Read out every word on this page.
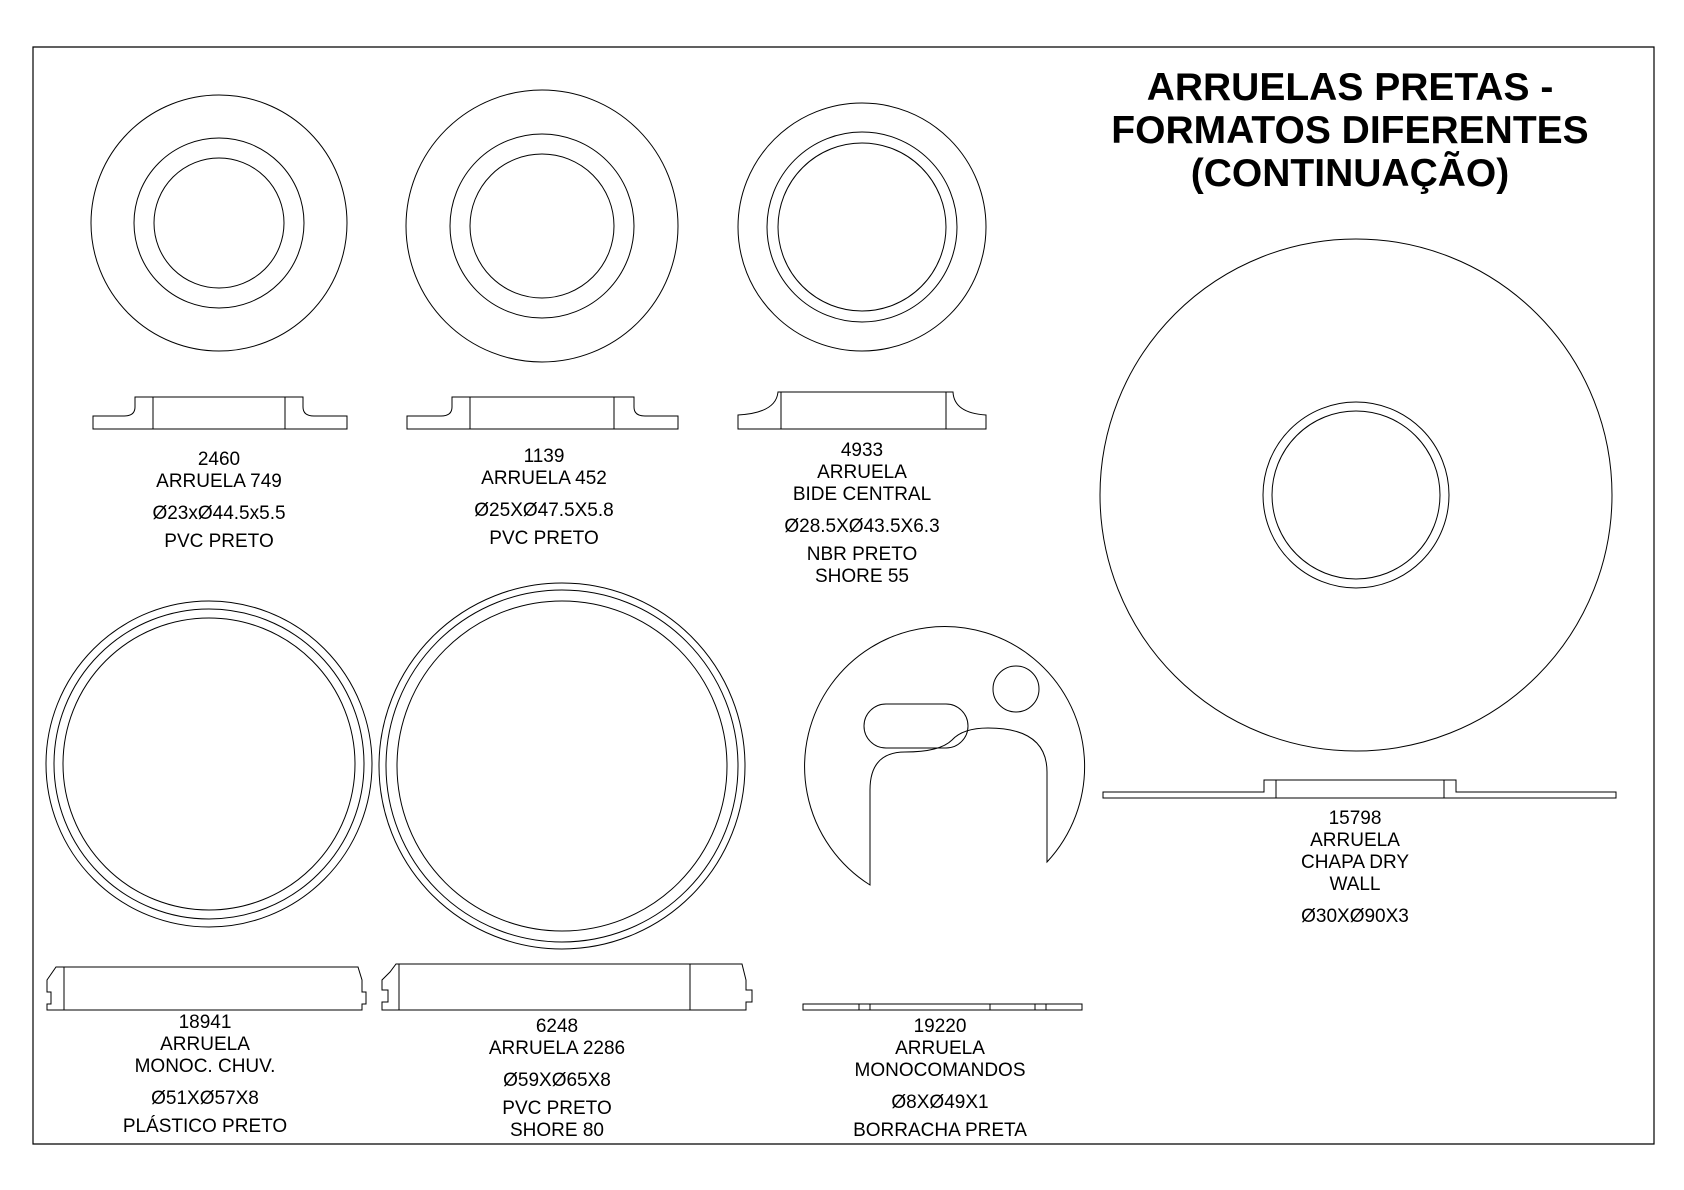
ARRUELAS PRETAS -
FORMATOS DIFERENTES
(CONTINUAÇÃO)
2460
ARRUELA 749
Ø23xØ44.5x5.5
PVC PRETO
1139
ARRUELA 452
Ø25XØ47.5X5.8
PVC PRETO
4933
ARRUELA
BIDE CENTRAL
Ø28.5XØ43.5X6.3
NBR PRETO
SHORE 55
15798
ARRUELA
CHAPA DRY
WALL
Ø30XØ90X3
18941
ARRUELA
MONOC. CHUV.
Ø51XØ57X8
PLÁSTICO PRETO
6248
ARRUELA 2286
Ø59XØ65X8
PVC PRETO
SHORE 80
19220
ARRUELA
MONOCOMANDOS
Ø8XØ49X1
BORRACHA PRETA
